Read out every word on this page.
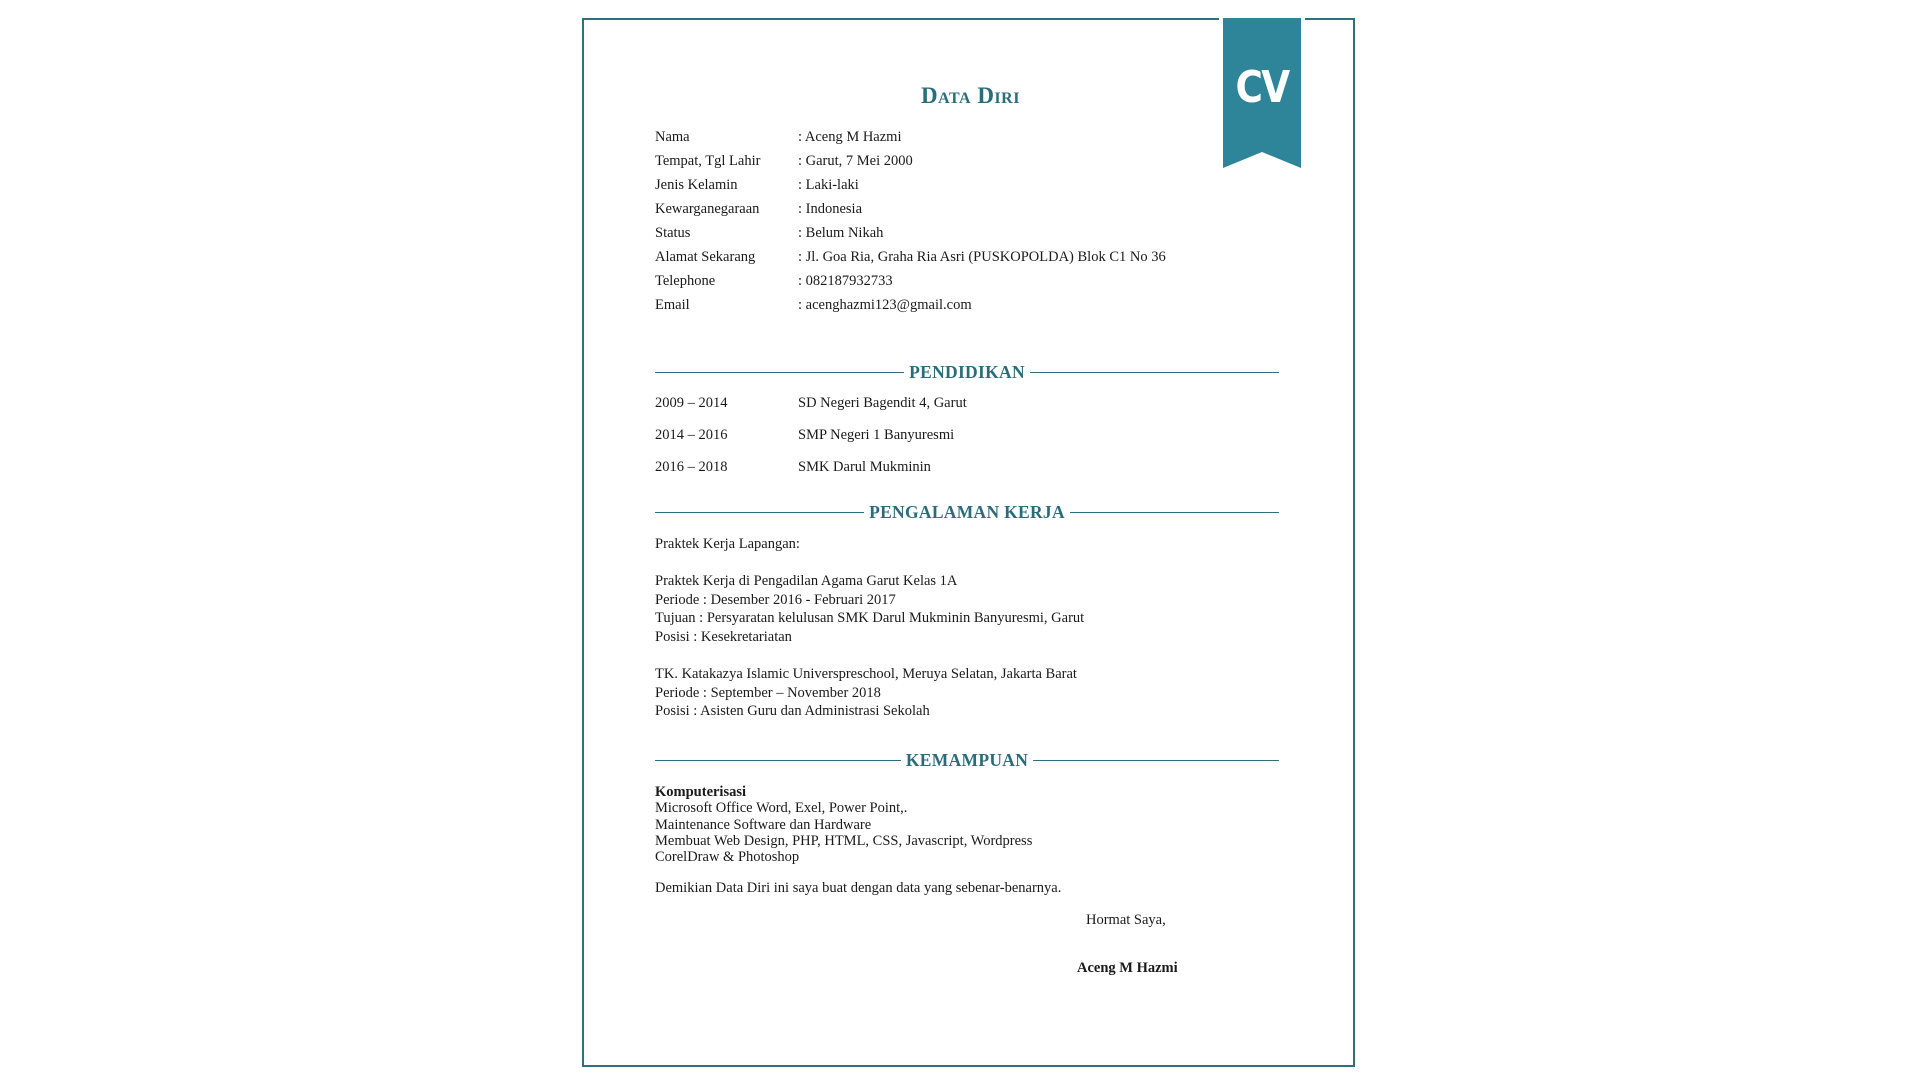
CV
Data Diri
Nama	: Aceng M Hazmi
Tempat, Tgl Lahir	: Garut, 7 Mei 2000
Jenis Kelamin	: Laki-laki
Kewarganegaraan	: Indonesia
Status	: Belum Nikah
Alamat Sekarang	: Jl. Goa Ria, Graha Ria Asri (PUSKOPOLDA) Blok C1 No 36
Telephone	: 082187932733
Email	: acenghazmi123@gmail.com
PENDIDIKAN
2009 – 2014	SD Negeri Bagendit 4, Garut
2014 – 2016	SMP Negeri 1 Banyuresmi
2016 – 2018	SMK Darul Mukminin
PENGALAMAN KERJA
Praktek Kerja Lapangan:
Praktek Kerja di Pengadilan Agama Garut Kelas 1A
Periode : Desember 2016 - Februari 2017
Tujuan : Persyaratan kelulusan SMK Darul Mukminin Banyuresmi, Garut
Posisi : Kesekretariatan
TK. Katakazya Islamic Universpreschool, Meruya Selatan, Jakarta Barat
Periode : September – November 2018
Posisi : Asisten Guru dan Administrasi Sekolah
KEMAMPUAN
Komputerisasi
Microsoft Office Word, Exel, Power Point,.
Maintenance Software dan Hardware
Membuat Web Design, PHP, HTML, CSS, Javascript, Wordpress
CorelDraw & Photoshop
Demikian Data Diri ini saya buat dengan data yang sebenar-benarnya.
Hormat Saya,
Aceng M Hazmi
